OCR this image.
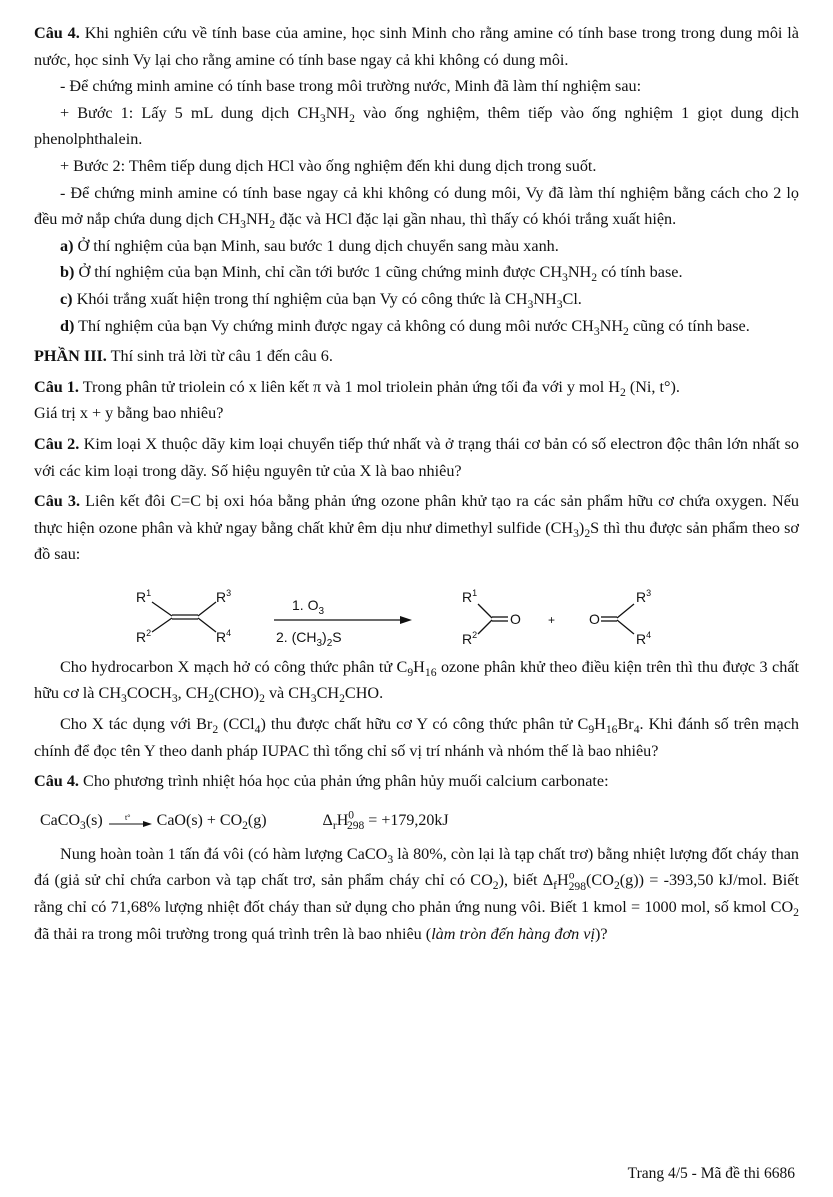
Câu 4. Khi nghiên cứu về tính base của amine, học sinh Minh cho rằng amine có tính base trong trong dung môi là nước, học sinh Vy lại cho rằng amine có tính base ngay cả khi không có dung môi.

- Để chứng minh amine có tính base trong môi trường nước, Minh đã làm thí nghiệm sau:

+ Bước 1: Lấy 5 mL dung dịch $CH_3NH_2$ vào ống nghiệm, thêm tiếp vào ống nghiệm 1 giọt dung dịch phenolphthalein.

+ Bước 2: Thêm tiếp dung dịch HCl vào ống nghiệm đến khi dung dịch trong suốt.

- Để chứng minh amine có tính base ngay cả khi không có dung môi, Vy đã làm thí nghiệm bằng cách cho 2 lọ đều mở nắp chứa dung dịch $CH_3NH_2$ đặc và HCl đặc lại gần nhau, thì thấy có khói trắng xuất hiện.

a) Ở thí nghiệm của bạn Minh, sau bước 1 dung dịch chuyển sang màu xanh.

b) Ở thí nghiệm của bạn Minh, chỉ cần tới bước 1 cũng chứng minh được $CH_3NH_2$ có tính base.

c) Khói trắng xuất hiện trong thí nghiệm của bạn Vy có công thức là $CH_3NH_3Cl$.

d) Thí nghiệm của bạn Vy chứng minh được ngay cả không có dung môi nước $CH_3NH_2$ cũng có tính base.

PHẦN III. Thí sinh trả lời từ câu 1 đến câu 6.

Câu 1. Trong phân tử triolein có x liên kết π và 1 mol triolein phản ứng tối đa với y mol $H_2$ (Ni, t°).
Giá trị x + y bằng bao nhiêu?

Câu 2. Kim loại X thuộc dãy kim loại chuyển tiếp thứ nhất và ở trạng thái cơ bản có số electron độc thân lớn nhất so với các kim loại trong dãy. Số hiệu nguyên tử của X là bao nhiêu?

Câu 3. Liên kết đôi C=C bị oxi hóa bằng phản ứng ozone phân khử tạo ra các sản phẩm hữu cơ chứa oxygen. Nếu thực hiện ozone phân và khử ngay bằng chất khử êm dịu như dimethyl sulfide $(CH_3)_2S$ thì thu được sản phẩm theo sơ đồ sau:

$R^1$	$R^3$
$R^2$	$R^4$
1. $O_3$
2. $(CH_3)_2S$
$R^1$
$R^2$
O + O
$R^3$
$R^4$

Cho hydrocarbon X mạch hở có công thức phân tử $C_9H_{16}$ ozone phân khử theo điều kiện trên thì thu được 3 chất hữu cơ là $CH_3COCH_3$, $CH_2(CHO)_2$ và $CH_3CH_2CHO$.

Cho X tác dụng với $Br_2$ (CCl$_4$) thu được chất hữu cơ Y có công thức phân tử $C_9H_{16}Br_4$. Khi đánh số trên mạch chính để đọc tên Y theo danh pháp IUPAC thì tổng chỉ số vị trí nhánh và nhóm thế là bao nhiêu?

Câu 4. Cho phương trình nhiệt hóa học của phản ứng phân hủy muối calcium carbonate:

CaCO$_3$(s)	t° $CaO(s) + CO_2(g)$	$\Delta_rH^0_{298} = +179,20kJ$

Nung hoàn toàn 1 tấn đá vôi (có hàm lượng CaCO$_3$ là 80%, còn lại là tạp chất trơ) bằng nhiệt lượng đốt cháy than đá (giả sử chỉ chứa carbon và tạp chất trơ, sản phẩm cháy chỉ có $CO_2$), biết $\Delta_fH^o_{298}(CO_2(g)) = -393,50$ kJ/mol. Biết rằng chỉ có 71,68% lượng nhiệt đốt cháy than sử dụng cho phản ứng nung vôi. Biết 1 kmol = 1000 mol, số kmol $CO_2$ đã thải ra trong môi trường trong quá trình trên là bao nhiêu (làm tròn đến hàng đơn vị)?

Trang 4/5 - Mã đề thi 6686
